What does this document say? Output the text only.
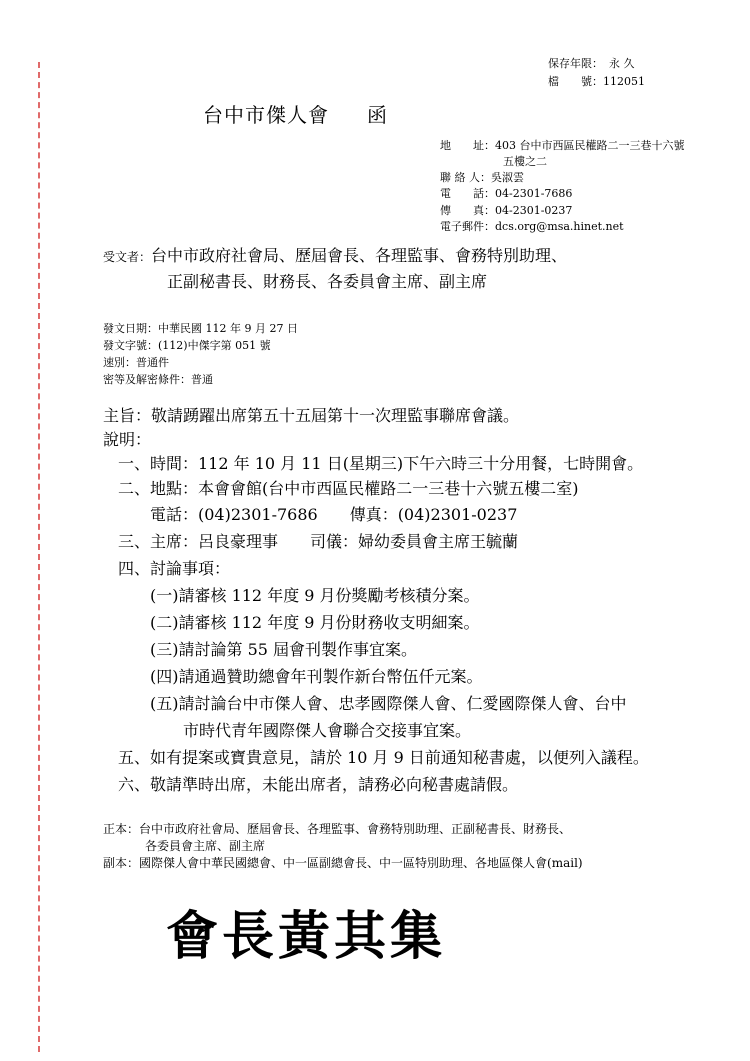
保存年限： 永 久
檔　　號：112051
台中市傑人會 函
地　　址：403 台中市西區民權路二一三巷十六號
五樓之二
聯 絡 人：吳淑雲
電　　話：04-2301-7686
傳　　真：04-2301-0237
電子郵件：dcs.org@msa.hinet.net
受文者：台中市政府社會局、歷屆會長、各理監事、會務特別助理、
正副秘書長、財務長、各委員會主席、副主席
發文日期：中華民國 112 年 9 月 27 日
發文字號：(112)中傑字第 051 號
速別：普通件
密等及解密條件：普通
主旨：敬請踴躍出席第五十五屆第十一次理監事聯席會議。
說明：
一、時間：112 年 10 月 11 日(星期三)下午六時三十分用餐，七時開會。
二、地點：本會會館(台中市西區民權路二一三巷十六號五樓二室)
電話：(04)2301-7686　　傳真：(04)2301-0237
三、主席：呂良豪理事　　司儀：婦幼委員會主席王毓蘭
四、討論事項：
(一)請審核 112 年度 9 月份獎勵考核積分案。
(二)請審核 112 年度 9 月份財務收支明細案。
(三)請討論第 55 屆會刊製作事宜案。
(四)請通過贊助總會年刊製作新台幣伍仟元案。
(五)請討論台中市傑人會、忠孝國際傑人會、仁愛國際傑人會、台中
市時代青年國際傑人會聯合交接事宜案。
五、如有提案或寶貴意見，請於 10 月 9 日前通知秘書處，以便列入議程。
六、敬請準時出席，未能出席者，請務必向秘書處請假。
正本：台中市政府社會局、歷屆會長、各理監事、會務特別助理、正副秘書長、財務長、
各委員會主席、副主席
副本：國際傑人會中華民國總會、中一區副總會長、中一區特別助理、各地區傑人會(mail)
會長黃其集
